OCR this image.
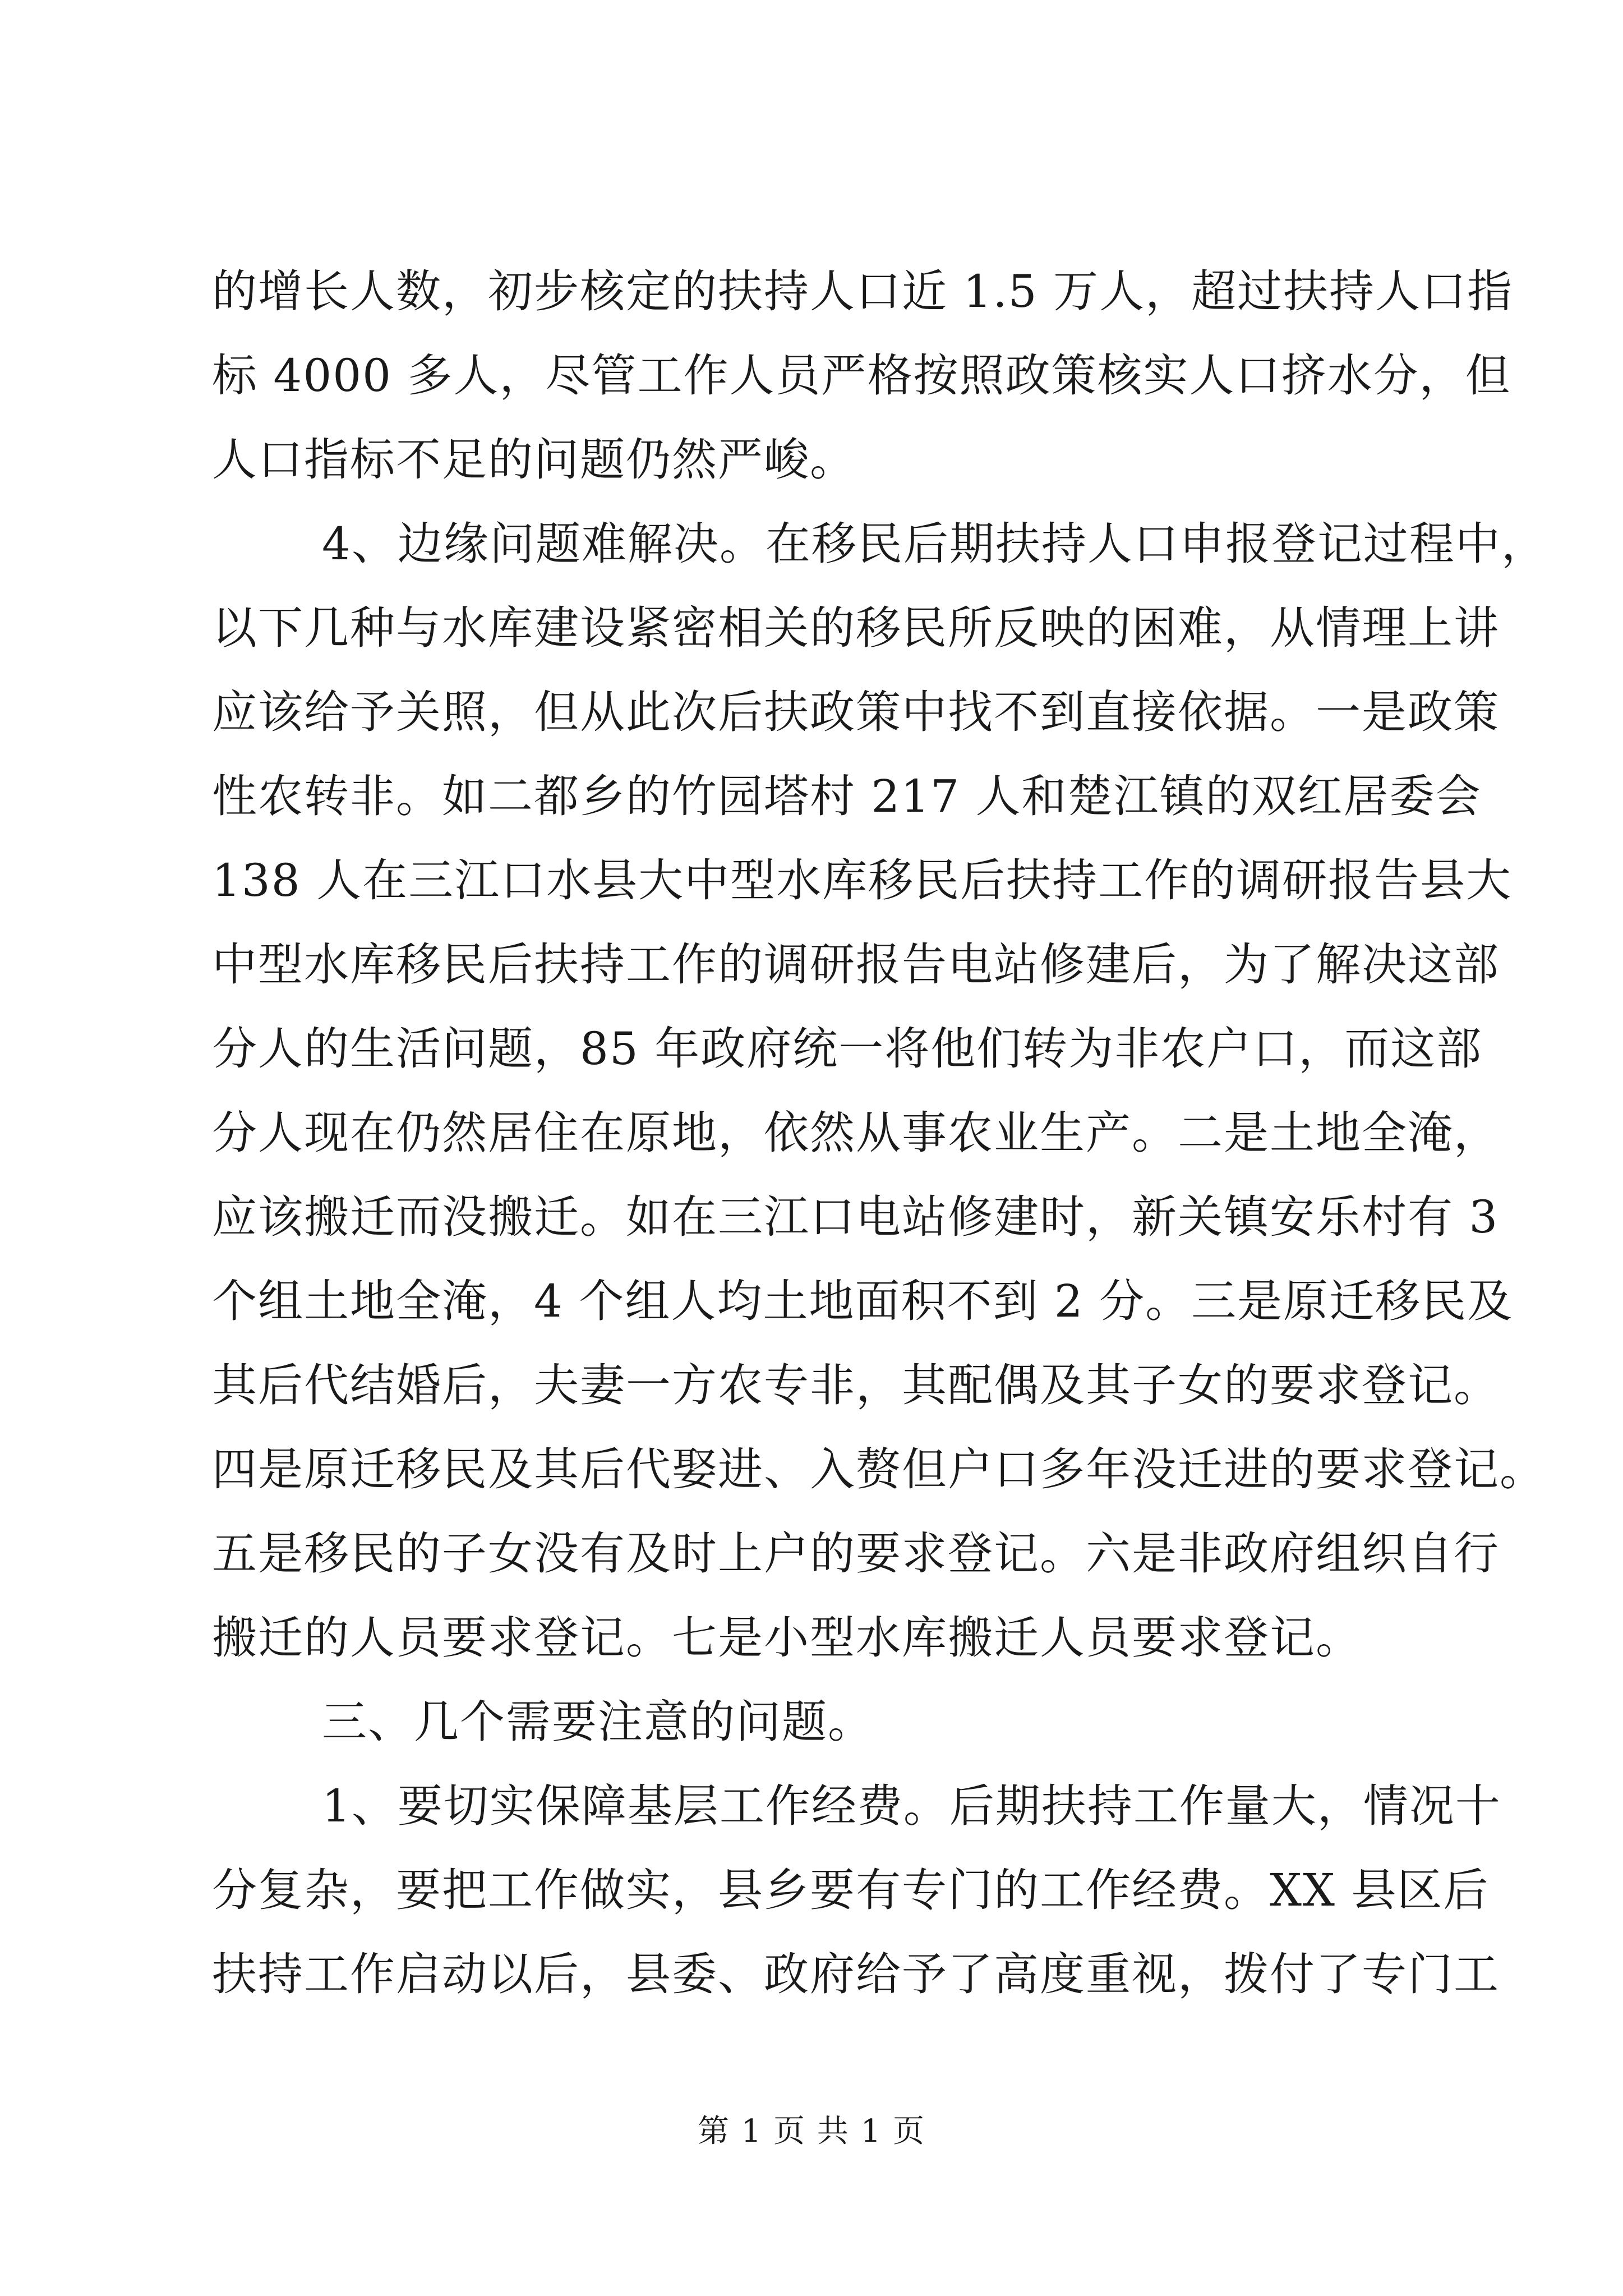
的增长人数，初步核定的扶持人口近 1.5 万人，超过扶持人口指
标 4000 多人，尽管工作人员严格按照政策核实人口挤水分，但
人口指标不足的问题仍然严峻。
4、边缘问题难解决。在移民后期扶持人口申报登记过程中，
以下几种与水库建设紧密相关的移民所反映的困难，从情理上讲
应该给予关照，但从此次后扶政策中找不到直接依据。一是政策
性农转非。如二都乡的竹园塔村 217 人和楚江镇的双红居委会
138 人在三江口水县大中型水库移民后扶持工作的调研报告县大
中型水库移民后扶持工作的调研报告电站修建后，为了解决这部
分人的生活问题，85 年政府统一将他们转为非农户口，而这部
分人现在仍然居住在原地，依然从事农业生产。二是土地全淹，
应该搬迁而没搬迁。如在三江口电站修建时，新关镇安乐村有 3
个组土地全淹，4 个组人均土地面积不到 2 分。三是原迁移民及
其后代结婚后，夫妻一方农专非，其配偶及其子女的要求登记。
四是原迁移民及其后代娶进、入赘但户口多年没迁进的要求登记。
五是移民的子女没有及时上户的要求登记。六是非政府组织自行
搬迁的人员要求登记。七是小型水库搬迁人员要求登记。
三、几个需要注意的问题。
1、要切实保障基层工作经费。后期扶持工作量大，情况十
分复杂，要把工作做实，县乡要有专门的工作经费。XX 县区后
扶持工作启动以后，县委、政府给予了高度重视，拨付了专门工
第 1 页 共 1 页
